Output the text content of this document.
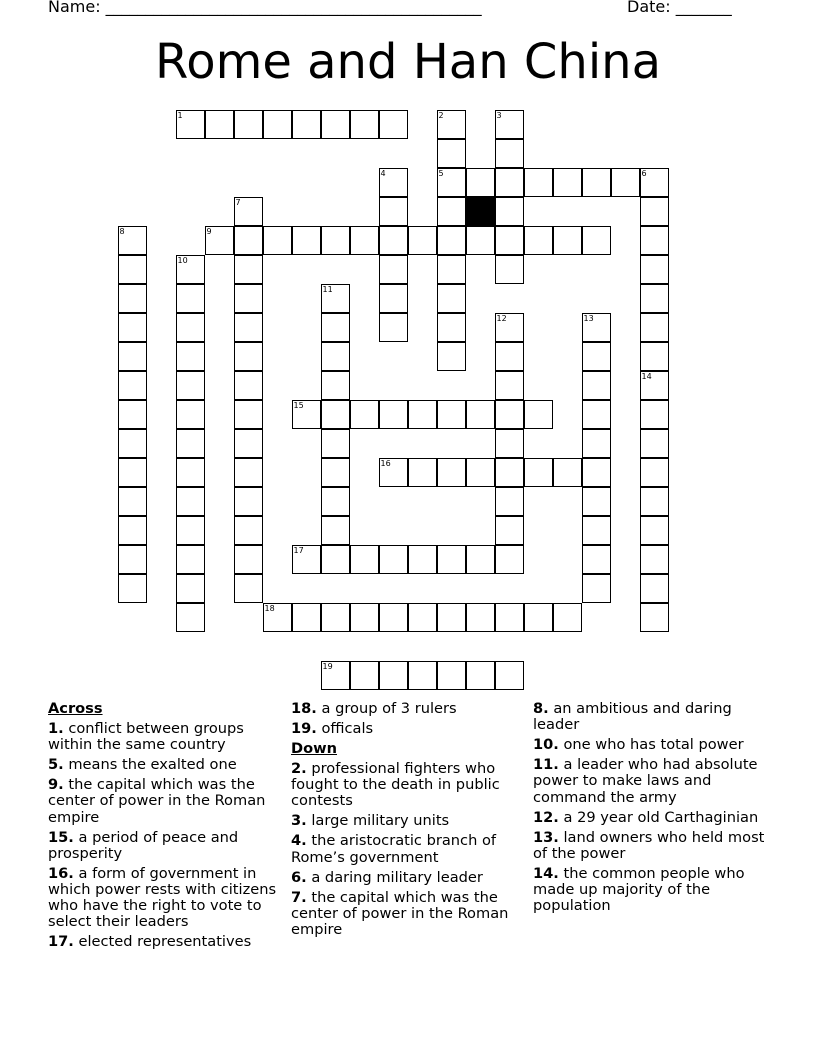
Name: _______________________________________________	Date: _______
Rome and Han China
1	2
5
3
4	6
7
8	9
10
11
12	13
14
15
16
17
18
19
Across
1. conflict between groups within the same country
5. means the exalted one
9. the capital which was the center of power in the Roman empire
15. a period of peace and prosperity
16. a form of government in which power rests with citizens who have the right to vote to select their leaders
17. elected representatives
18. a group of 3 rulers
19. officals
Down
2. professional fighters who fought to the death in public contests
3. large military units
4. the aristocratic branch of Rome’s government
6. a daring military leader
7. the capital which was the center of power in the Roman empire
8. an ambitious and daring leader
10. one who has total power
11. a leader who had absolute power to make laws and command the army
12. a 29 year old Carthaginian
13. land owners who held most of the power
14. the common people who made up majority of the population
